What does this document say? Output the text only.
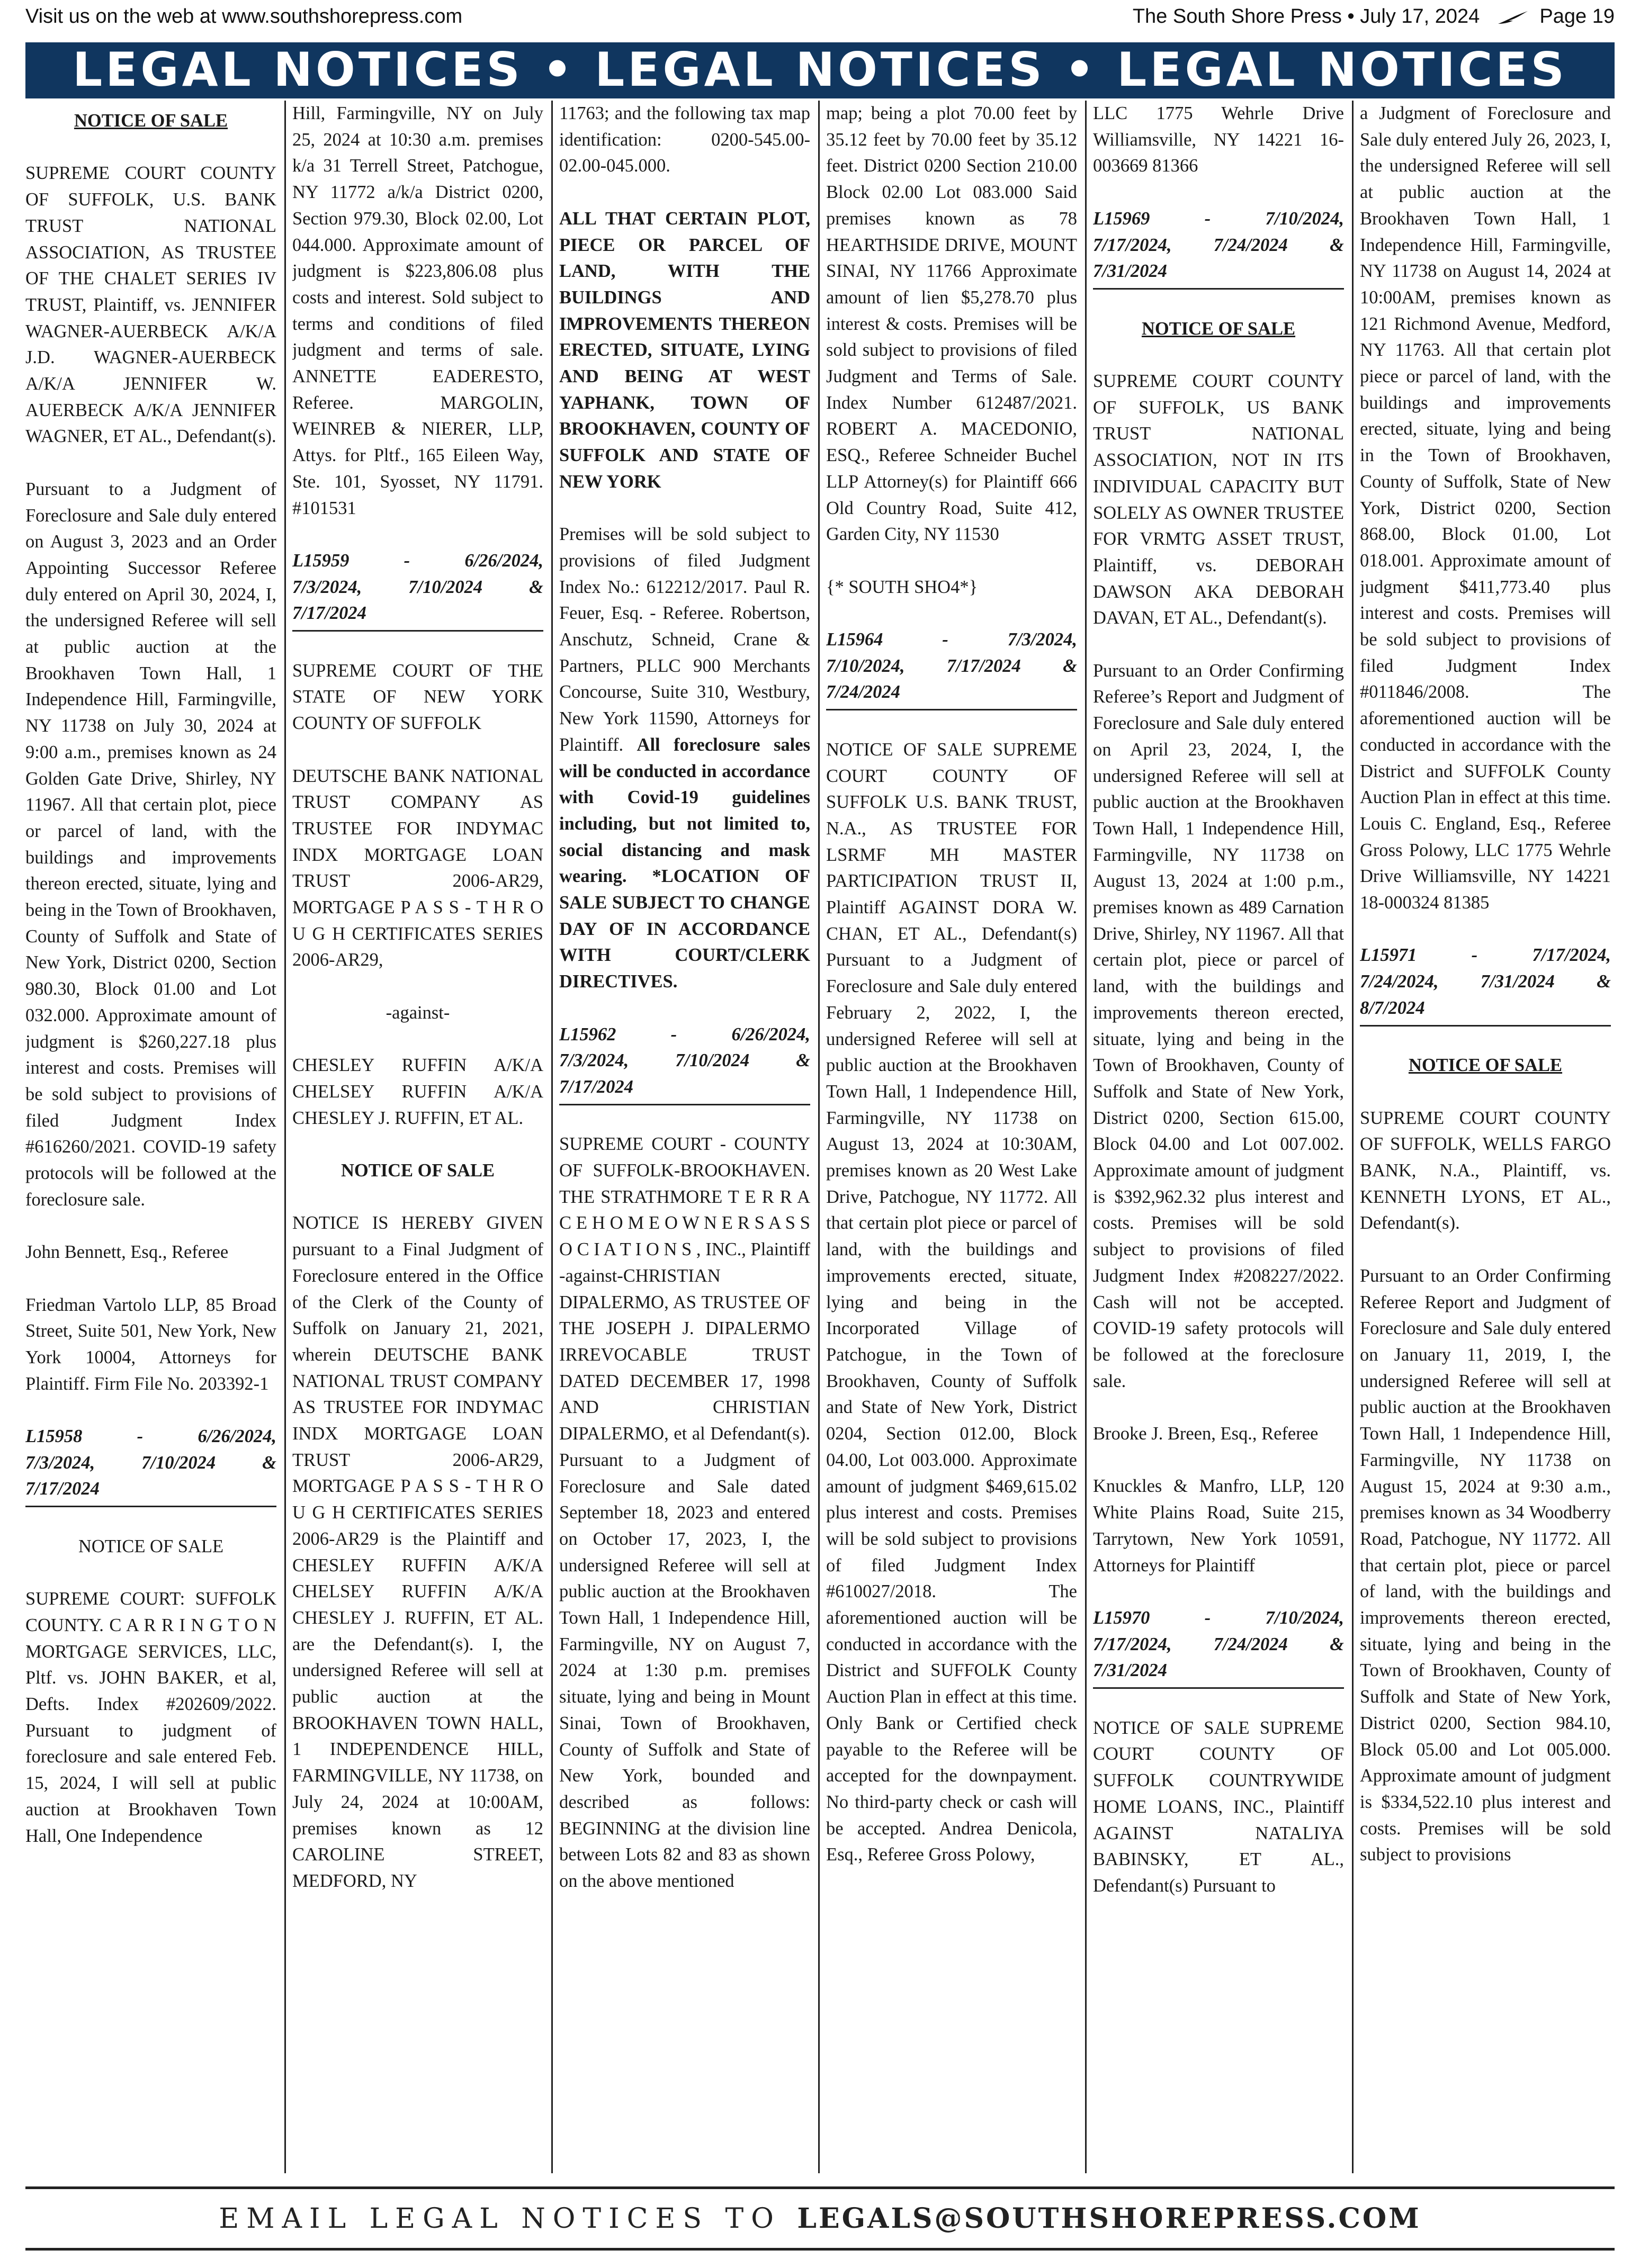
Visit us on the web at www.southshorepress.com	The South Shore Press • July 17, 2024	Page 19
LEGAL NOTICES • LEGAL NOTICES • LEGAL NOTICES

NOTICE OF SALE

SUPREME COURT COUNTY OF SUFFOLK, U.S. BANK TRUST NATIONAL ASSOCIATION, AS TRUSTEE OF THE CHALET SERIES IV TRUST, Plaintiff, vs. JENNIFER WAGNER-AUERBECK A/K/A J.D. WAGNER-AUERBECK A/K/A JENNIFER W. AUERBECK A/K/A JENNIFER WAGNER, ET AL., Defendant(s).

Pursuant to a Judgment of Foreclosure and Sale duly entered on August 3, 2023 and an Order Appointing Successor Referee duly entered on April 30, 2024, I, the undersigned Referee will sell at public auction at the Brookhaven Town Hall, 1 Independence Hill, Farmingville, NY 11738 on July 30, 2024 at 9:00 a.m., premises known as 24 Golden Gate Drive, Shirley, NY 11967. All that certain plot, piece or parcel of land, with the buildings and improvements thereon erected, situate, lying and being in the Town of Brookhaven, County of Suffolk and State of New York, District 0200, Section 980.30, Block 01.00 and Lot 032.000. Approximate amount of judgment is $260,227.18 plus interest and costs. Premises will be sold subject to provisions of filed Judgment Index #616260/2021. COVID-19 safety protocols will be followed at the foreclosure sale.

John Bennett, Esq., Referee

Friedman Vartolo LLP, 85 Broad Street, Suite 501, New York, New York 10004, Attorneys for Plaintiff. Firm File No. 203392-1

L15958 - 6/26/2024,
7/3/2024, 7/10/2024 &
7/17/2024

NOTICE OF SALE

SUPREME COURT: SUFFOLK COUNTY. C A R R I N G T O N MORTGAGE SERVICES, LLC, Pltf. vs. JOHN BAKER, et al, Defts. Index #202609/2022. Pursuant to judgment of foreclosure and sale entered Feb. 15, 2024, I will sell at public auction at Brookhaven Town Hall, One Independence

Hill, Farmingville, NY on July 25, 2024 at 10:30 a.m. premises k/a 31 Terrell Street, Patchogue, NY 11772 a/k/a District 0200, Section 979.30, Block 02.00, Lot 044.000. Approximate amount of judgment is $223,806.08 plus costs and interest. Sold subject to terms and conditions of filed judgment and terms of sale. ANNETTE EADERESTO, Referee. MARGOLIN, WEINREB & NIERER, LLP, Attys. for Pltf., 165 Eileen Way, Ste. 101, Syosset, NY 11791. #101531

L15959 - 6/26/2024,
7/3/2024, 7/10/2024 &
7/17/2024

SUPREME COURT OF THE STATE OF NEW YORK COUNTY OF SUFFOLK

DEUTSCHE BANK NATIONAL TRUST COMPANY AS TRUSTEE FOR INDYMAC INDX MORTGAGE LOAN TRUST 2006-AR29, MORTGAGE P A S S - T H R O U G H CERTIFICATES SERIES 2006-AR29,

-against-

CHESLEY RUFFIN A/K/A CHELSEY RUFFIN A/K/A CHESLEY J. RUFFIN, ET AL.

NOTICE OF SALE

NOTICE IS HEREBY GIVEN pursuant to a Final Judgment of Foreclosure entered in the Office of the Clerk of the County of Suffolk on January 21, 2021, wherein DEUTSCHE BANK NATIONAL TRUST COMPANY AS TRUSTEE FOR INDYMAC INDX MORTGAGE LOAN TRUST 2006-AR29, MORTGAGE P A S S - T H R O U G H CERTIFICATES SERIES 2006-AR29 is the Plaintiff and CHESLEY RUFFIN A/K/A CHELSEY RUFFIN A/K/A CHESLEY J. RUFFIN, ET AL. are the Defendant(s). I, the undersigned Referee will sell at public auction at the BROOKHAVEN TOWN HALL, 1 INDEPENDENCE HILL, FARMINGVILLE, NY 11738, on July 24, 2024 at 10:00AM, premises known as 12 CAROLINE STREET, MEDFORD, NY

11763; and the following tax map identification: 0200-545.00-02.00-045.000.

ALL THAT CERTAIN PLOT, PIECE OR PARCEL OF LAND, WITH THE BUILDINGS AND IMPROVEMENTS THEREON ERECTED, SITUATE, LYING AND BEING AT WEST YAPHANK, TOWN OF BROOKHAVEN, COUNTY OF SUFFOLK AND STATE OF NEW YORK

Premises will be sold subject to provisions of filed Judgment Index No.: 612212/2017. Paul R. Feuer, Esq. - Referee. Robertson, Anschutz, Schneid, Crane & Partners, PLLC 900 Merchants Concourse, Suite 310, Westbury, New York 11590, Attorneys for Plaintiff. All foreclosure sales will be conducted in accordance with Covid-19 guidelines including, but not limited to, social distancing and mask wearing. *LOCATION OF SALE SUBJECT TO CHANGE DAY OF IN ACCORDANCE WITH COURT/CLERK DIRECTIVES.

L15962 - 6/26/2024,
7/3/2024, 7/10/2024 &
7/17/2024

SUPREME COURT - COUNTY OF SUFFOLK-BROOKHAVEN. THE STRATHMORE T E R R A C E H O M E O W N E R S A S S O C I A T I O N S , INC., Plaintiff -against-CHRISTIAN DIPALERMO, AS TRUSTEE OF THE JOSEPH J. DIPALERMO IRREVOCABLE TRUST DATED DECEMBER 17, 1998 AND CHRISTIAN DIPALERMO, et al Defendant(s). Pursuant to a Judgment of Foreclosure and Sale dated September 18, 2023 and entered on October 17, 2023, I, the undersigned Referee will sell at public auction at the Brookhaven Town Hall, 1 Independence Hill, Farmingville, NY on August 7, 2024 at 1:30 p.m. premises situate, lying and being in Mount Sinai, Town of Brookhaven, County of Suffolk and State of New York, bounded and described as follows: BEGINNING at the division line between Lots 82 and 83 as shown on the above mentioned

map; being a plot 70.00 feet by 35.12 feet by 70.00 feet by 35.12 feet. District 0200 Section 210.00 Block 02.00 Lot 083.000 Said premises known as 78 HEARTHSIDE DRIVE, MOUNT SINAI, NY 11766 Approximate amount of lien $5,278.70 plus interest & costs. Premises will be sold subject to provisions of filed Judgment and Terms of Sale. Index Number 612487/2021. ROBERT A. MACEDONIO, ESQ., Referee Schneider Buchel LLP Attorney(s) for Plaintiff 666 Old Country Road, Suite 412, Garden City, NY 11530

{* SOUTH SHO4*}

L15964 - 7/3/2024,
7/10/2024, 7/17/2024 &
7/24/2024

NOTICE OF SALE SUPREME COURT COUNTY OF SUFFOLK U.S. BANK TRUST, N.A., AS TRUSTEE FOR LSRMF MH MASTER PARTICIPATION TRUST II, Plaintiff AGAINST DORA W. CHAN, ET AL., Defendant(s) Pursuant to a Judgment of Foreclosure and Sale duly entered February 2, 2022, I, the undersigned Referee will sell at public auction at the Brookhaven Town Hall, 1 Independence Hill, Farmingville, NY 11738 on August 13, 2024 at 10:30AM, premises known as 20 West Lake Drive, Patchogue, NY 11772. All that certain plot piece or parcel of land, with the buildings and improvements erected, situate, lying and being in the Incorporated Village of Patchogue, in the Town of Brookhaven, County of Suffolk and State of New York, District 0204, Section 012.00, Block 04.00, Lot 003.000. Approximate amount of judgment $469,615.02 plus interest and costs. Premises will be sold subject to provisions of filed Judgment Index #610027/2018. The aforementioned auction will be conducted in accordance with the District and SUFFOLK County Auction Plan in effect at this time. Only Bank or Certified check payable to the Referee will be accepted for the downpayment. No third-party check or cash will be accepted. Andrea Denicola, Esq., Referee Gross Polowy,

LLC 1775 Wehrle Drive Williamsville, NY 14221 16-003669 81366

L15969 - 7/10/2024,
7/17/2024, 7/24/2024 &
7/31/2024

NOTICE OF SALE

SUPREME COURT COUNTY OF SUFFOLK, US BANK TRUST NATIONAL ASSOCIATION, NOT IN ITS INDIVIDUAL CAPACITY BUT SOLELY AS OWNER TRUSTEE FOR VRMTG ASSET TRUST, Plaintiff, vs. DEBORAH DAWSON AKA DEBORAH DAVAN, ET AL., Defendant(s).

Pursuant to an Order Confirming Referee’s Report and Judgment of Foreclosure and Sale duly entered on April 23, 2024, I, the undersigned Referee will sell at public auction at the Brookhaven Town Hall, 1 Independence Hill, Farmingville, NY 11738 on August 13, 2024 at 1:00 p.m., premises known as 489 Carnation Drive, Shirley, NY 11967. All that certain plot, piece or parcel of land, with the buildings and improvements thereon erected, situate, lying and being in the Town of Brookhaven, County of Suffolk and State of New York, District 0200, Section 615.00, Block 04.00 and Lot 007.002. Approximate amount of judgment is $392,962.32 plus interest and costs. Premises will be sold subject to provisions of filed Judgment Index #208227/2022. Cash will not be accepted. COVID-19 safety protocols will be followed at the foreclosure sale.

Brooke J. Breen, Esq., Referee

Knuckles & Manfro, LLP, 120 White Plains Road, Suite 215, Tarrytown, New York 10591, Attorneys for Plaintiff

L15970 - 7/10/2024,
7/17/2024, 7/24/2024 &
7/31/2024

NOTICE OF SALE SUPREME COURT COUNTY OF SUFFOLK COUNTRYWIDE HOME LOANS, INC., Plaintiff AGAINST NATALIYA BABINSKY, ET AL., Defendant(s) Pursuant to

a Judgment of Foreclosure and Sale duly entered July 26, 2023, I, the undersigned Referee will sell at public auction at the Brookhaven Town Hall, 1 Independence Hill, Farmingville, NY 11738 on August 14, 2024 at 10:00AM, premises known as 121 Richmond Avenue, Medford, NY 11763. All that certain plot piece or parcel of land, with the buildings and improvements erected, situate, lying and being in the Town of Brookhaven, County of Suffolk, State of New York, District 0200, Section 868.00, Block 01.00, Lot 018.001. Approximate amount of judgment $411,773.40 plus interest and costs. Premises will be sold subject to provisions of filed Judgment Index #011846/2008. The aforementioned auction will be conducted in accordance with the District and SUFFOLK County Auction Plan in effect at this time. Louis C. England, Esq., Referee Gross Polowy, LLC 1775 Wehrle Drive Williamsville, NY 14221 18-000324 81385

L15971 - 7/17/2024,
7/24/2024, 7/31/2024 &
8/7/2024

NOTICE OF SALE

SUPREME COURT COUNTY OF SUFFOLK, WELLS FARGO BANK, N.A., Plaintiff, vs. KENNETH LYONS, ET AL., Defendant(s).

Pursuant to an Order Confirming Referee Report and Judgment of Foreclosure and Sale duly entered on January 11, 2019, I, the undersigned Referee will sell at public auction at the Brookhaven Town Hall, 1 Independence Hill, Farmingville, NY 11738 on August 15, 2024 at 9:30 a.m., premises known as 34 Woodberry Road, Patchogue, NY 11772. All that certain plot, piece or parcel of land, with the buildings and improvements thereon erected, situate, lying and being in the Town of Brookhaven, County of Suffolk and State of New York, District 0200, Section 984.10, Block 05.00 and Lot 005.000. Approximate amount of judgment is $334,522.10 plus interest and costs. Premises will be sold subject to provisions

EMAIL LEGAL NOTICES TO LEGALS@SOUTHSHOREPRESS.COM
